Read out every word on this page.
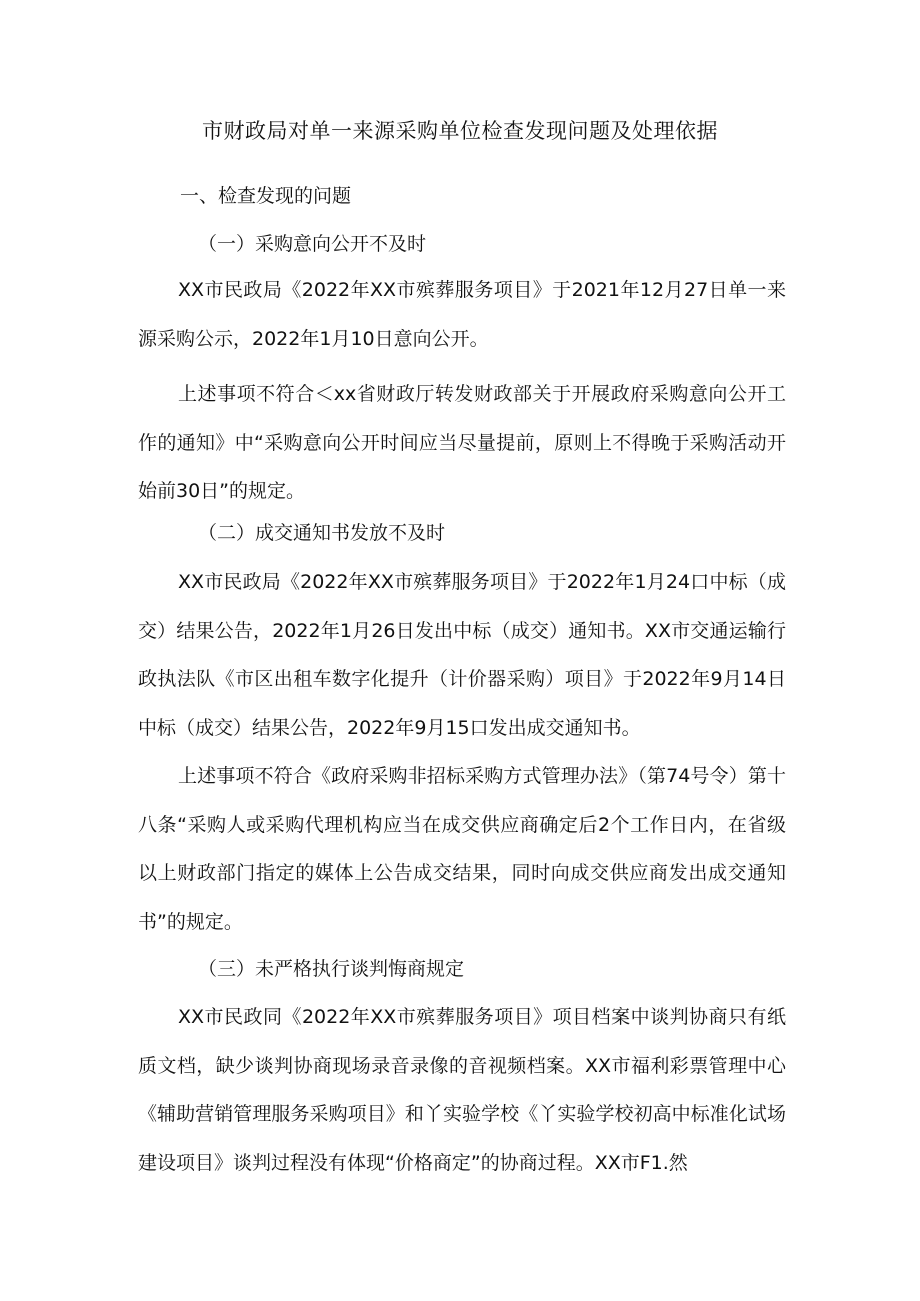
市财政局对单一来源采购单位检查发现问题及处理依据
一、检查发现的问题
（一）采购意向公开不及时

XX市民政局《2022年XX市殡葬服务项目》于2021年12月27日单一来源采购公示，2022年1月10日意向公开。

上述事项不符合＜xx省财政厅转发财政部关于开展政府采购意向公开工作的通知》中“采购意向公开时间应当尽量提前，原则上不得晚于采购活动开始前30日”的规定。

（二）成交通知书发放不及时

XX市民政局《2022年XX市殡葬服务项目》于2022年1月24口中标（成交）结果公告，2022年1月26日发出中标（成交）通知书。XX市交通运输行政执法队《市区出租车数字化提升（计价器采购）项目》于2022年9月14日中标（成交）结果公告，2022年9月15口发出成交通知书。

上述事项不符合《政府采购非招标采购方式管理办法》（第74号令）第十八条“采购人或采购代理机构应当在成交供应商确定后2个工作日内，在省级以上财政部门指定的媒体上公告成交结果，同时向成交供应商发出成交通知书”的规定。

（三）未严格执行谈判悔商规定

XX市民政同《2022年XX市殡葬服务项目》项目档案中谈判协商只有纸质文档，缺少谈判协商现场录音录像的音视频档案。XX市福利彩票管理中心《辅助营销管理服务采购项目》和丫实验学校《丫实验学校初高中标准化试场建设项目》谈判过程没有体现“价格商定”的协商过程。XX市F1.然
